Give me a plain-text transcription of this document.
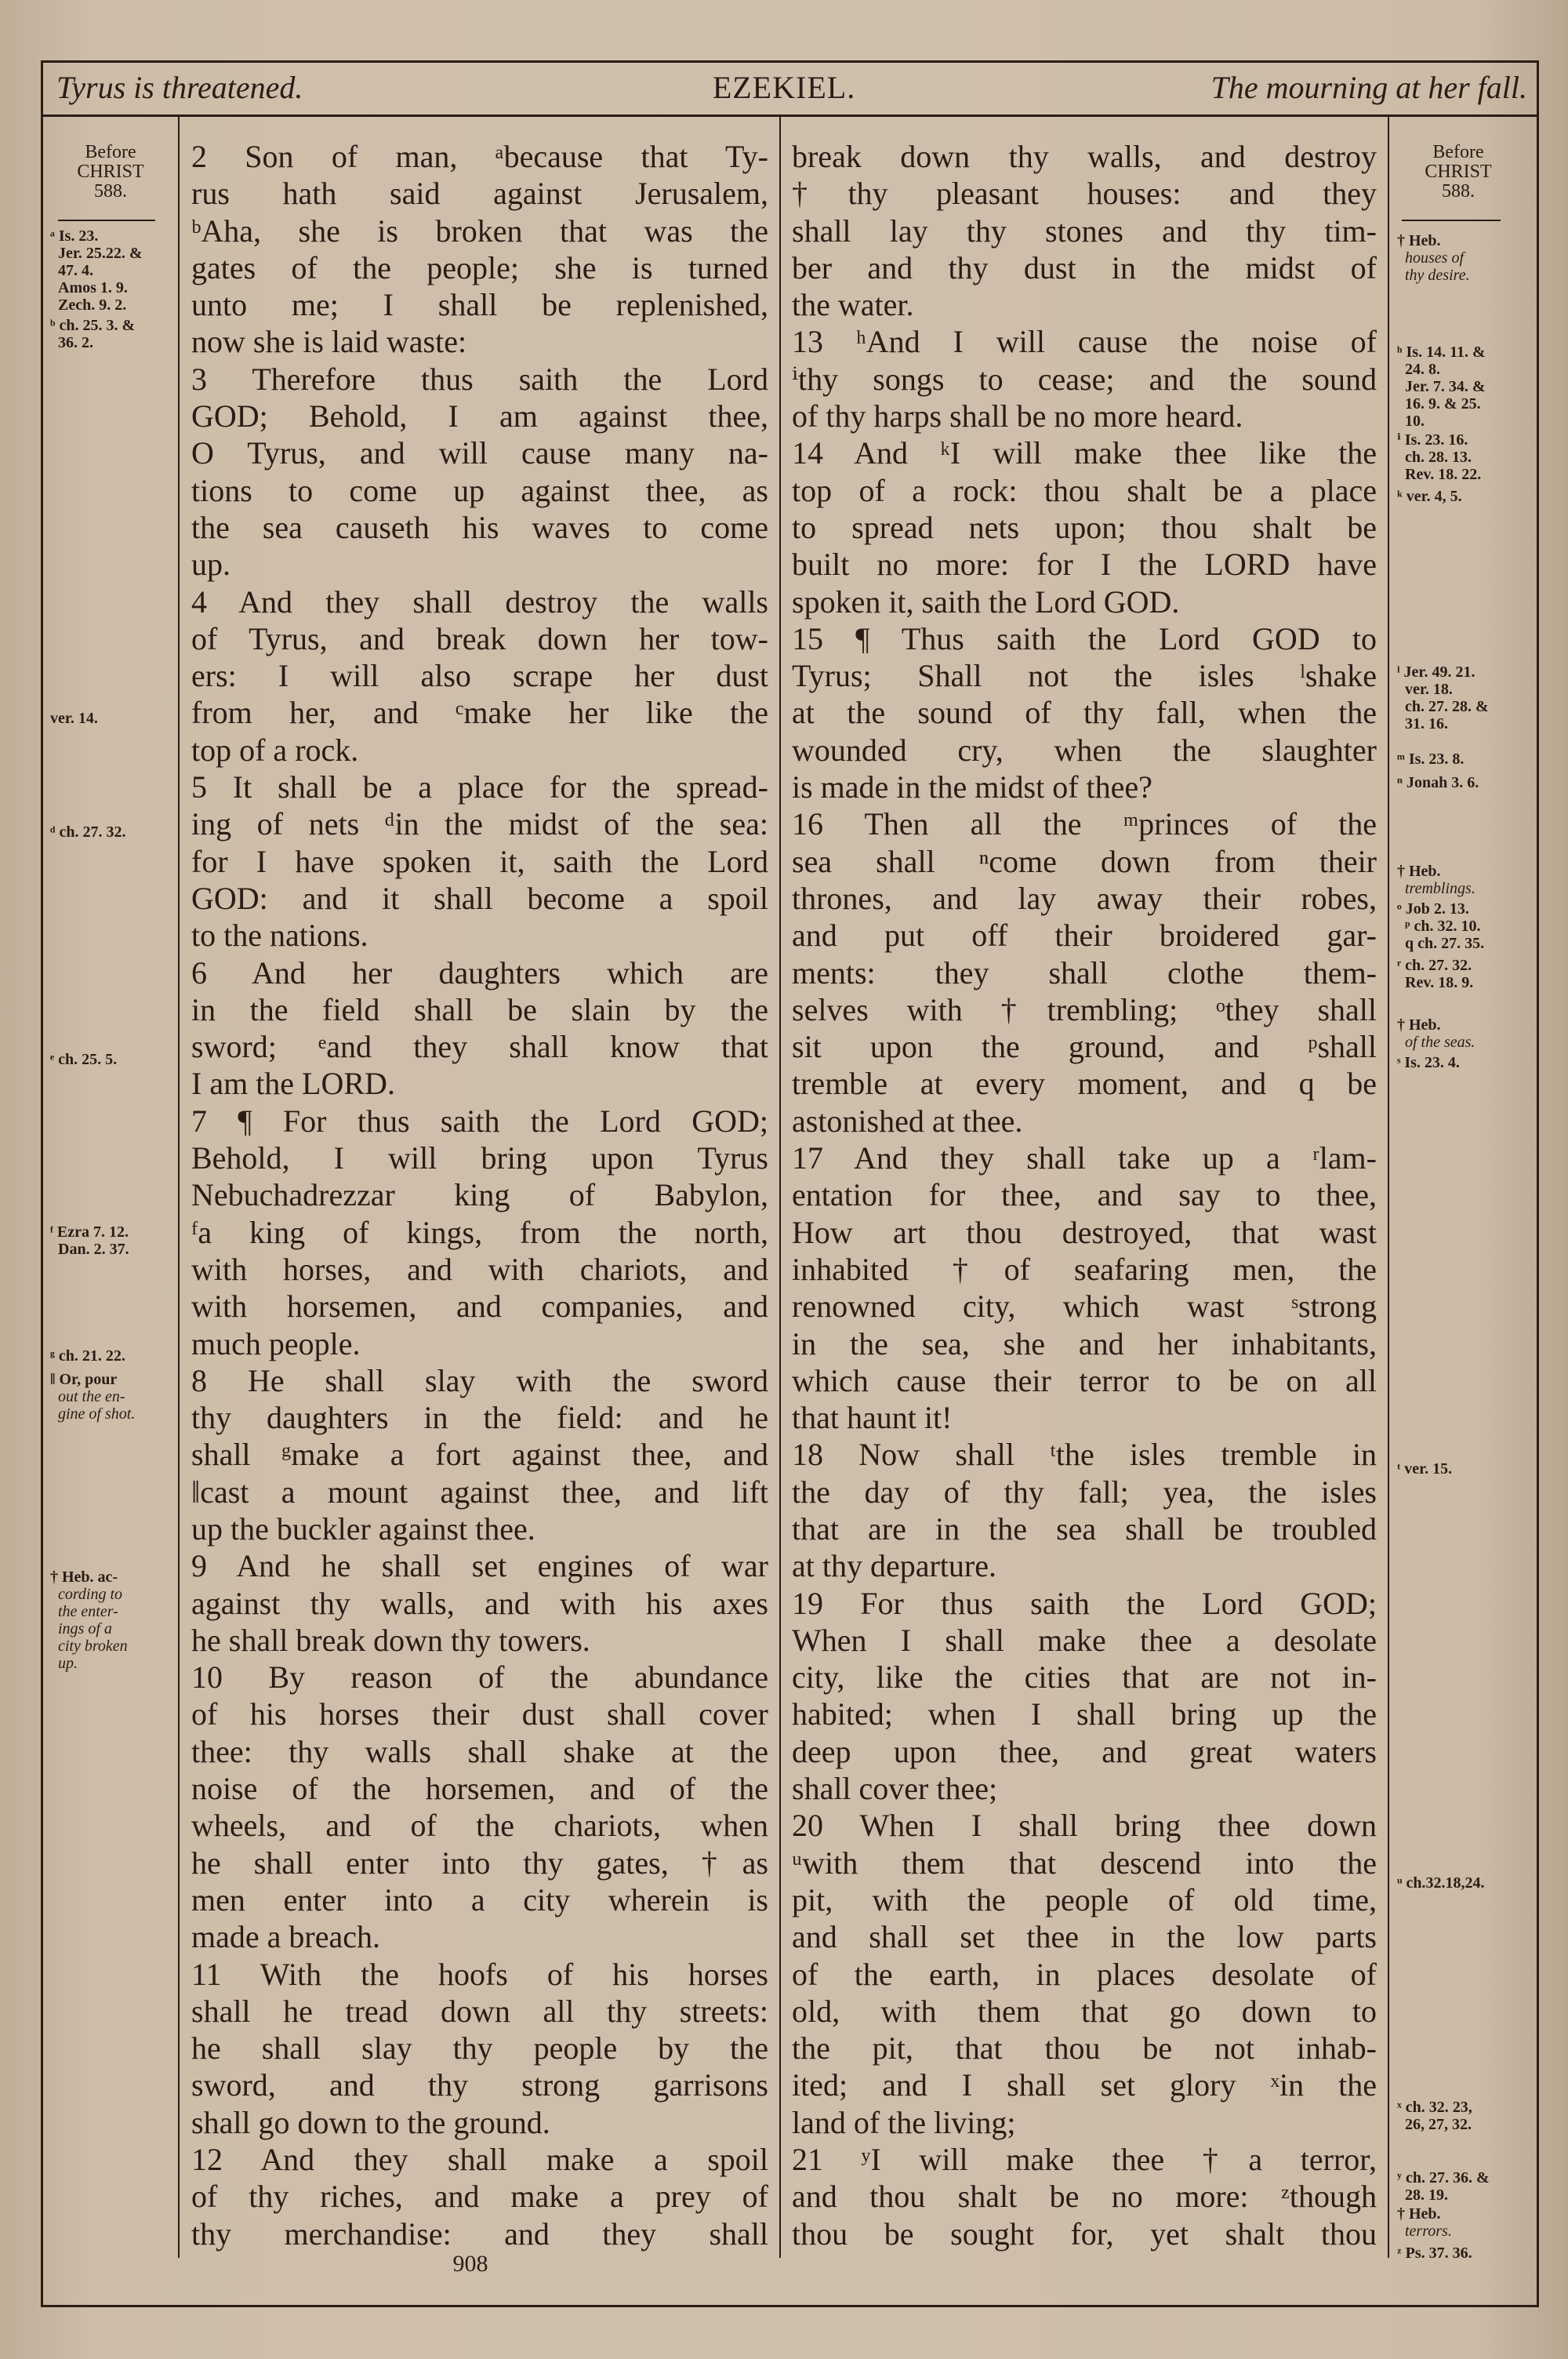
Tyrus is threatened.	EZEKIEL.	The mourning at her fall.
Before
CHRIST
588.
Before
CHRIST
588.
2 Son of man, ᵃbecause that Ty-
rus hath said against Jerusalem,
ᵇAha, she is broken that was the
gates of the people; she is turned
unto me; I shall be replenished,
now she is laid waste:
3 Therefore thus saith the Lord
GOD; Behold, I am against thee,
O Tyrus, and will cause many na-
tions to come up against thee, as
the sea causeth his waves to come
up.
4 And they shall destroy the walls
of Tyrus, and break down her tow-
ers: I will also scrape her dust
from her, and ᶜmake her like the
top of a rock.
5 It shall be a place for the spread-
ing of nets ᵈin the midst of the sea:
for I have spoken it, saith the Lord
GOD: and it shall become a spoil
to the nations.
6 And her daughters which are
in the field shall be slain by the
sword; ᵉand they shall know that
I am the LORD.
7 ¶ For thus saith the Lord GOD;
Behold, I will bring upon Tyrus
Nebuchadrezzar king of Babylon,
ᶠa king of kings, from the north,
with horses, and with chariots, and
with horsemen, and companies, and
much people.
8 He shall slay with the sword
thy daughters in the field: and he
shall ᵍmake a fort against thee, and
‖cast a mount against thee, and lift
up the buckler against thee.
9 And he shall set engines of war
against thy walls, and with his axes
he shall break down thy towers.
10 By reason of the abundance
of his horses their dust shall cover
thee: thy walls shall shake at the
noise of the horsemen, and of the
wheels, and of the chariots, when
he shall enter into thy gates, †as
men enter into a city wherein is
made a breach.
11 With the hoofs of his horses
shall he tread down all thy streets:
he shall slay thy people by the
sword, and thy strong garrisons
shall go down to the ground.
12 And they shall make a spoil
of thy riches, and make a prey of
thy merchandise: and they shall
break down thy walls, and destroy
†thy pleasant houses: and they
shall lay thy stones and thy tim-
ber and thy dust in the midst of
the water.
13 ʰAnd I will cause the noise of
ⁱthy songs to cease; and the sound
of thy harps shall be no more heard.
14 And ᵏI will make thee like the
top of a rock: thou shalt be a place
to spread nets upon; thou shalt be
built no more: for I the LORD have
spoken it, saith the Lord GOD.
15 ¶ Thus saith the Lord GOD to
Tyrus; Shall not the isles ˡshake
at the sound of thy fall, when the
wounded cry, when the slaughter
is made in the midst of thee?
16 Then all the ᵐprinces of the
sea shall ⁿcome down from their
thrones, and lay away their robes,
and put off their broidered gar-
ments: they shall clothe them-
selves with †trembling; ᵒthey shall
sit upon the ground, and ᵖshall
tremble at every moment, and q be
astonished at thee.
17 And they shall take up a ʳlam-
entation for thee, and say to thee,
How art thou destroyed, that wast
inhabited †of seafaring men, the
renowned city, which wast ˢstrong
in the sea, she and her inhabitants,
which cause their terror to be on all
that haunt it!
18 Now shall ᵗthe isles tremble in
the day of thy fall; yea, the isles
that are in the sea shall be troubled
at thy departure.
19 For thus saith the Lord GOD;
When I shall make thee a desolate
city, like the cities that are not in-
habited; when I shall bring up the
deep upon thee, and great waters
shall cover thee;
20 When I shall bring thee down
ᵘwith them that descend into the
pit, with the people of old time,
and shall set thee in the low parts
of the earth, in places desolate of
old, with them that go down to
the pit, that thou be not inhab-
ited; and I shall set glory ˣin the
land of the living;
21 ʸI will make thee †a terror,
and thou shalt be no more: ᶻthough
thou be sought for, yet shalt thou
ᵃ Is. 23.
Jer. 25.22. &
47. 4.
Amos 1. 9.
Zech. 9. 2.
ᵇ ch. 25. 3. &
36. 2.
ver. 14.
ᵈ ch. 27. 32.
ᵉ ch. 25. 5.
ᶠ Ezra 7. 12.
Dan. 2. 37.
ᵍ ch. 21. 22.
‖ Or, pour
out the en-
gine of shot.
† Heb. ac-
cording to
the enter-
ings of a
city broken
up.
† Heb.
houses of
thy desire.
ʰ Is. 14. 11. &
24. 8.
Jer. 7. 34. &
16. 9. & 25.
10.
ⁱ Is. 23. 16.
ch. 28. 13.
Rev. 18. 22.
ᵏ ver. 4, 5.
ˡ Jer. 49. 21.
ver. 18.
ch. 27. 28. &
31. 16.
ᵐ Is. 23. 8.
ⁿ Jonah 3. 6.
† Heb.
tremblings.
ᵒ Job 2. 13.
ᵖ ch. 32. 10.
q ch. 27. 35.
ʳ ch. 27. 32.
Rev. 18. 9.
† Heb.
of the seas.
ˢ Is. 23. 4.
ᵗ ver. 15.
ᵘ ch.32.18,24.
ˣ ch. 32. 23,
26, 27, 32.
ʸ ch. 27. 36. &
28. 19.
† Heb.
terrors.
ᶻ Ps. 37. 36.
908
